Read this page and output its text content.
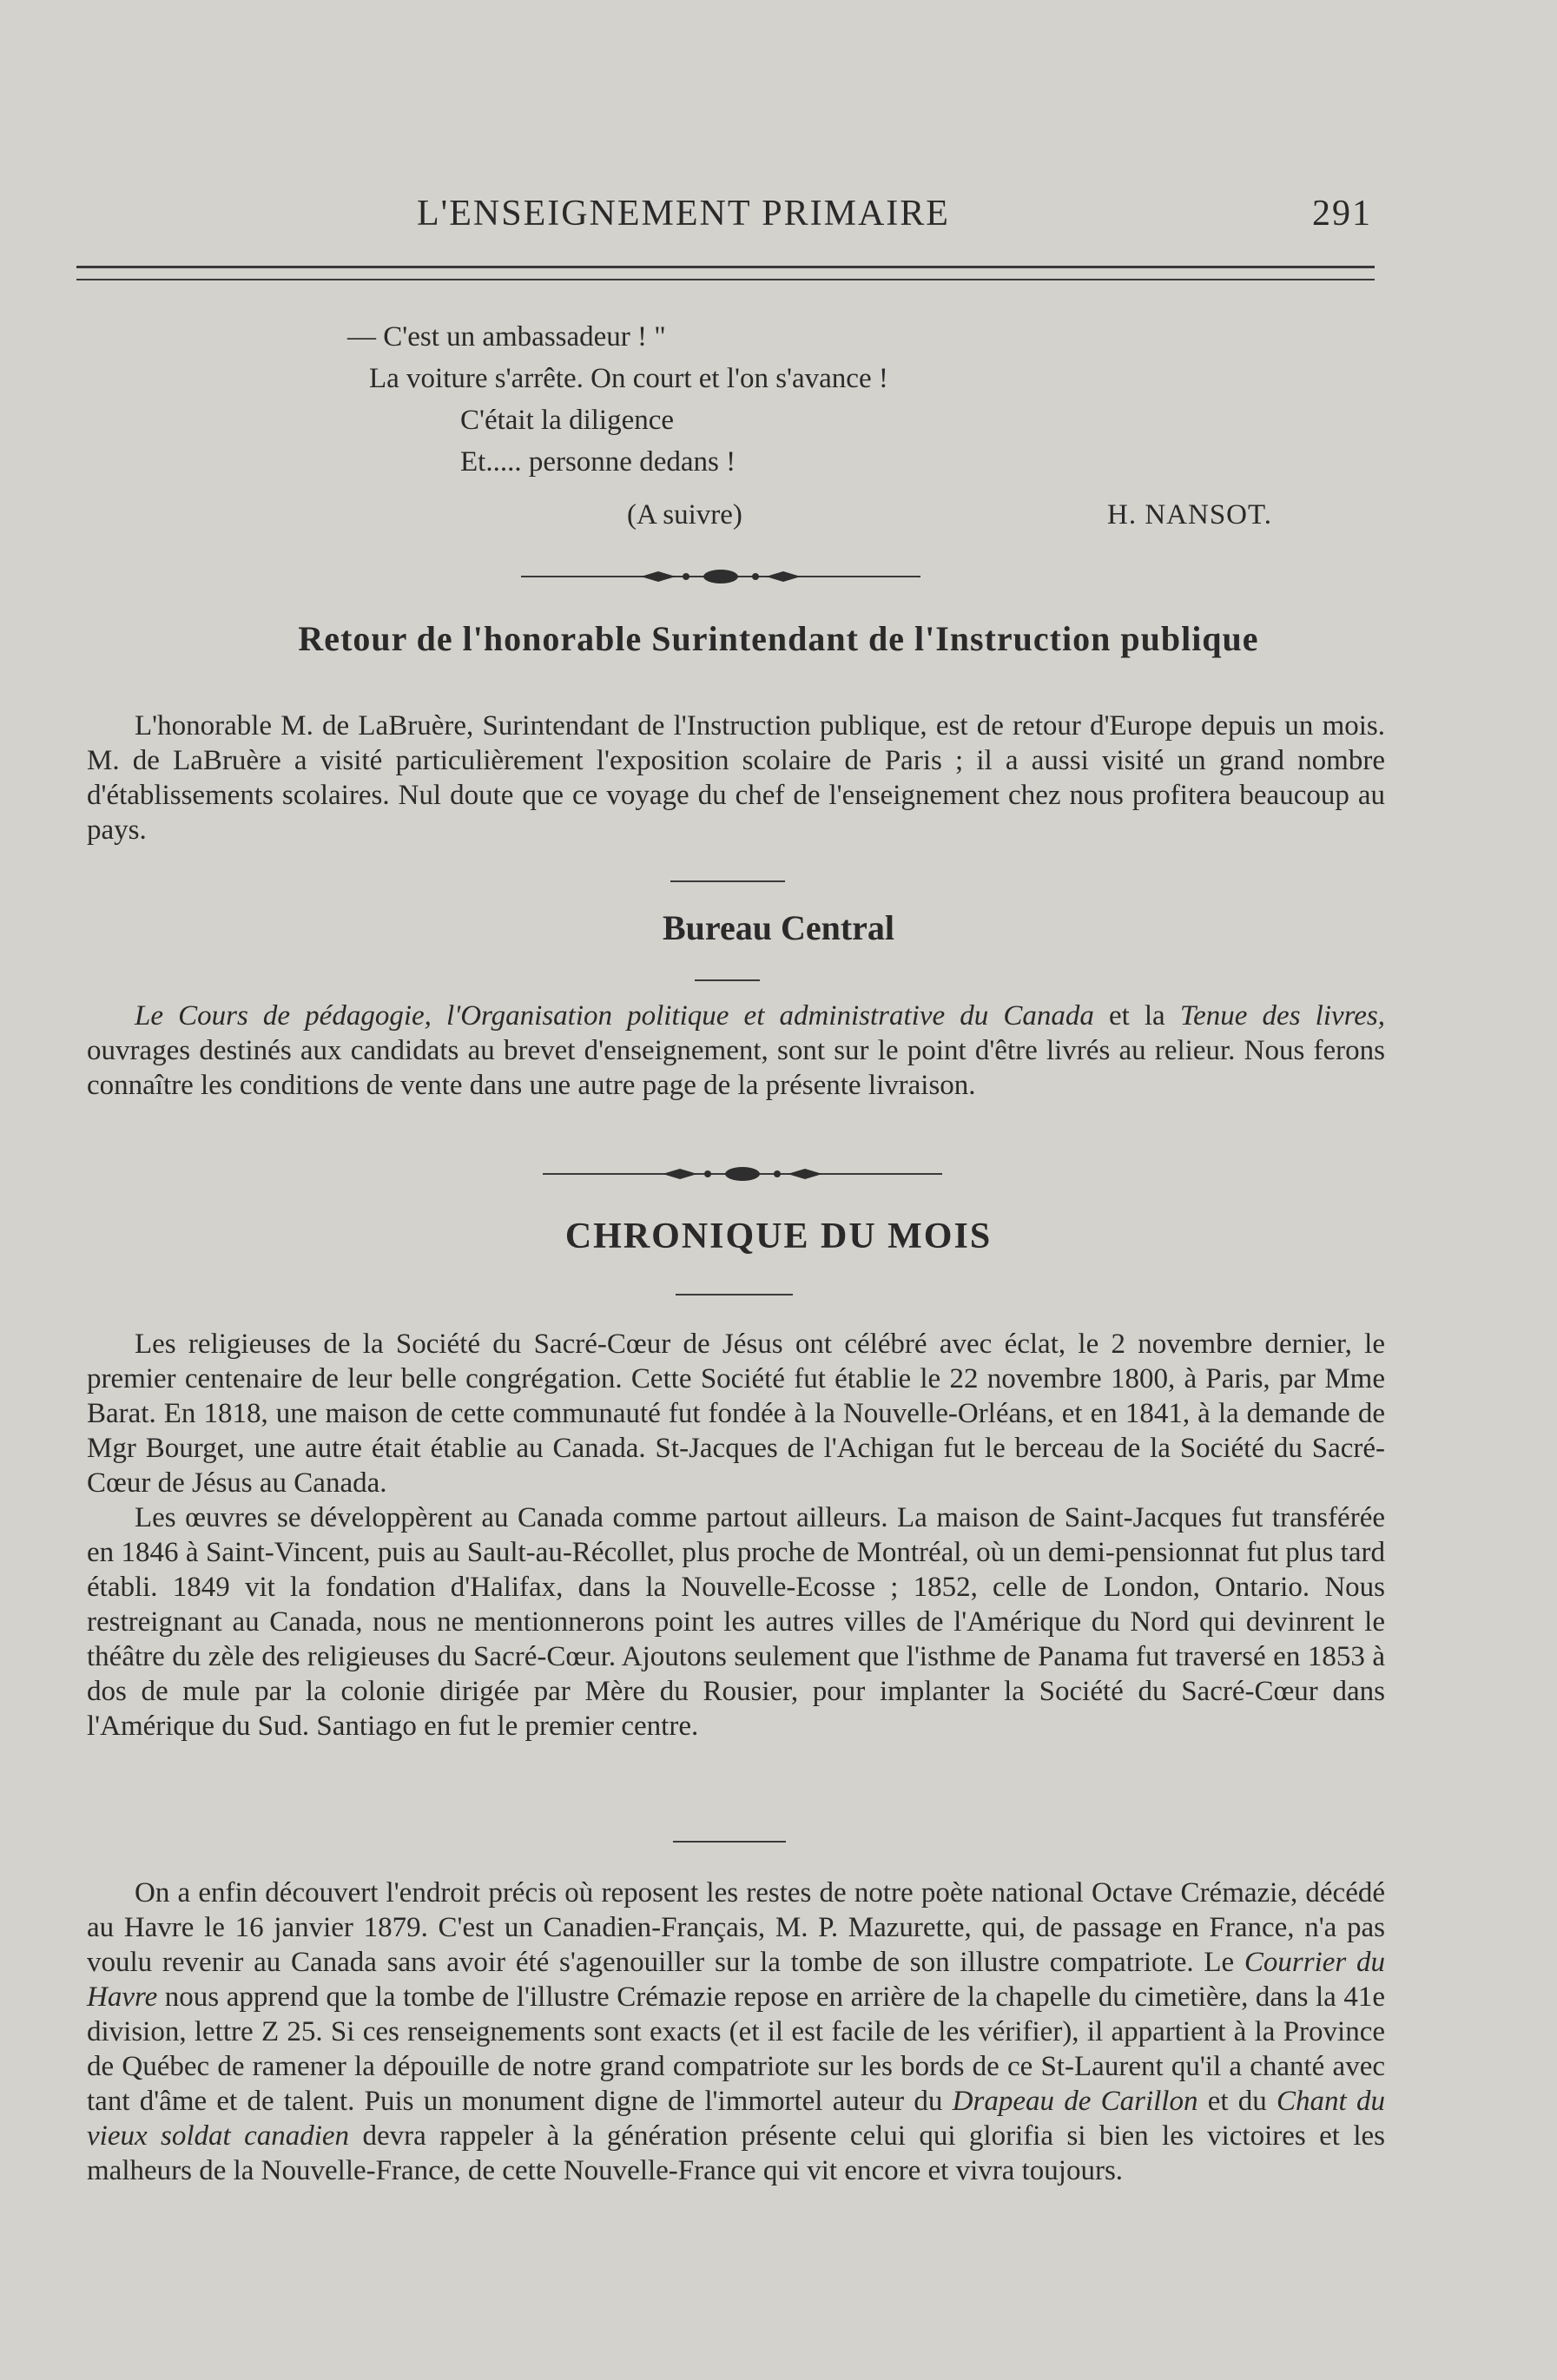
L'ENSEIGNEMENT PRIMAIRE	291
— C'est un ambassadeur ! "
La voiture s'arrête. On court et l'on s'avance !
C'était la diligence
Et..... personne dedans !
(A suivre)	H. NANSOT.
Retour de l'honorable Surintendant de l'Instruction publique

L'honorable M. de LaBruère, Surintendant de l'Instruction publique, est de retour d'Europe depuis un mois. M. de LaBruère a visité particulièrement l'exposition scolaire de Paris ; il a aussi visité un grand nombre d'établissements scolaires. Nul doute que ce voyage du chef de l'enseignement chez nous profitera beaucoup au pays.

Bureau Central

Le Cours de pédagogie, l'Organisation politique et administrative du Canada et la Tenue des livres, ouvrages destinés aux candidats au brevet d'enseignement, sont sur le point d'être livrés au relieur. Nous ferons connaître les conditions de vente dans une autre page de la présente livraison.

CHRONIQUE DU MOIS

Les religieuses de la Société du Sacré-Cœur de Jésus ont célébré avec éclat, le 2 novembre dernier, le premier centenaire de leur belle congrégation. Cette Société fut établie le 22 novembre 1800, à Paris, par Mme Barat. En 1818, une maison de cette communauté fut fondée à la Nouvelle-Orléans, et en 1841, à la demande de Mgr Bourget, une autre était établie au Canada. St-Jacques de l'Achigan fut le berceau de la Société du Sacré-Cœur de Jésus au Canada.

Les œuvres se développèrent au Canada comme partout ailleurs. La maison de Saint-Jacques fut transférée en 1846 à Saint-Vincent, puis au Sault-au-Récollet, plus proche de Montréal, où un demi-pensionnat fut plus tard établi. 1849 vit la fondation d'Halifax, dans la Nouvelle-Ecosse ; 1852, celle de London, Ontario. Nous restreignant au Canada, nous ne mentionnerons point les autres villes de l'Amérique du Nord qui devinrent le théâtre du zèle des religieuses du Sacré-Cœur. Ajoutons seulement que l'isthme de Panama fut traversé en 1853 à dos de mule par la colonie dirigée par Mère du Rousier, pour implanter la Société du Sacré-Cœur dans l'Amérique du Sud. Santiago en fut le premier centre.

On a enfin découvert l'endroit précis où reposent les restes de notre poète national Octave Crémazie, décédé au Havre le 16 janvier 1879. C'est un Canadien-Français, M. P. Mazurette, qui, de passage en France, n'a pas voulu revenir au Canada sans avoir été s'agenouiller sur la tombe de son illustre compatriote. Le Courrier du Havre nous apprend que la tombe de l'illustre Crémazie repose en arrière de la chapelle du cimetière, dans la 41e division, lettre Z 25. Si ces renseignements sont exacts (et il est facile de les vérifier), il appartient à la Province de Québec de ramener la dépouille de notre grand compatriote sur les bords de ce St-Laurent qu'il a chanté avec tant d'âme et de talent. Puis un monument digne de l'immortel auteur du Drapeau de Carillon et du Chant du vieux soldat canadien devra rappeler à la génération présente celui qui glorifia si bien les victoires et les malheurs de la Nouvelle-France, de cette Nouvelle-France qui vit encore et vivra toujours.
